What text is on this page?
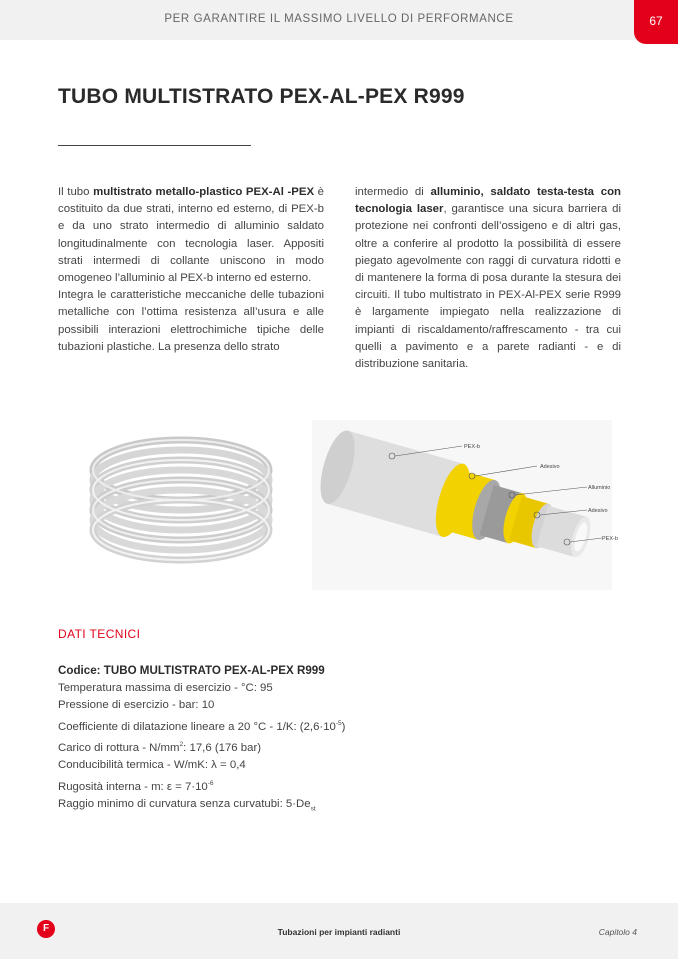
PER GARANTIRE IL MASSIMO LIVELLO DI PERFORMANCE	67
TUBO MULTISTRATO PEX-AL-PEX R999

Il tubo multistrato metallo-plastico PEX-Al -PEX è costituito da due strati, interno ed esterno, di PEX-b e da uno strato intermedio di alluminio saldato longitudinalmente con tecnologia laser. Appositi strati intermedi di collante uniscono in modo omogeneo l’alluminio al PEX-b interno ed esterno.

Integra le caratteristiche meccaniche delle tubazioni metalliche con l’ottima resistenza all’usura e alle possibili interazioni elettrochimiche tipiche delle tubazioni plastiche. La presenza dello strato

intermedio di alluminio, saldato testa-testa con tecnologia laser, garantisce una sicura barriera di protezione nei confronti dell’ossigeno e di altri gas, oltre a conferire al prodotto la possibilità di essere piegato agevolmente con raggi di curvatura ridotti e di mantenere la forma di posa durante la stesura dei circuiti. Il tubo multistrato in PEX-Al-PEX serie R999 è largamente impiegato nella realizzazione di impianti di riscaldamento/raffrescamento - tra cui quelli a pavimento e a parete radianti - e di distribuzione sanitaria.

PEX-b
Adesivo
Alluminio
Adesivo
PEX-b
DATI TECNICI
Codice: TUBO MULTISTRATO PEX-AL-PEX R999
Temperatura massima di esercizio - °C: 95
Pressione di esercizio - bar: 10
Coefficiente di dilatazione lineare a 20 °C - 1/K: $(2,6\cdot 10^{-5})$
Carico di rottura - $N/mm^2$: 17,6 (176 bar)
Conducibilità termica - W/mK: λ = 0,4
Rugosità interna - m: $\varepsilon = 7\cdot 10^{-6}$
Raggio minimo di curvatura senza curvatubi: $5\cdot De_{st}$
F	Tubazioni per impianti radianti	Capitolo 4
